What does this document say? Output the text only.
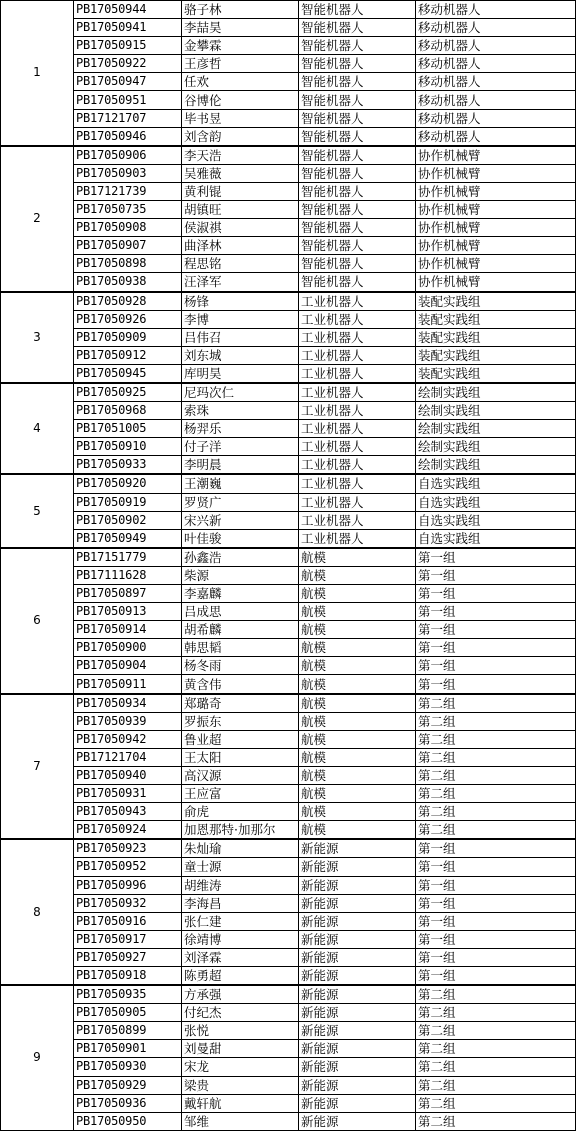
1	PB17050944	骆子林	智能机器人	移动机器人	
	PB17050941	李喆昊	智能机器人	移动机器人	
	PB17050915	金攀霖	智能机器人	移动机器人	
	PB17050922	王彦哲	智能机器人	移动机器人	
	PB17050947	任欢	智能机器人	移动机器人	
	PB17050951	谷博伦	智能机器人	移动机器人	
	PB17121707	毕书昱	智能机器人	移动机器人	
	PB17050946	刘含韵	智能机器人	移动机器人	
2	PB17050906	李天浩	智能机器人	协作机械臂	
	PB17050903	吴雅薇	智能机器人	协作机械臂	
	PB17121739	黄利锟	智能机器人	协作机械臂	
	PB17050735	胡镇旺	智能机器人	协作机械臂	
	PB17050908	侯淑祺	智能机器人	协作机械臂	
	PB17050907	曲泽林	智能机器人	协作机械臂	
	PB17050898	程思铭	智能机器人	协作机械臂	
	PB17050938	汪泽军	智能机器人	协作机械臂	
3	PB17050928	杨锋	工业机器人	装配实践组	
	PB17050926	李博	工业机器人	装配实践组	
	PB17050909	吕伟召	工业机器人	装配实践组	
	PB17050912	刘东城	工业机器人	装配实践组	
	PB17050945	库明昊	工业机器人	装配实践组	
4	PB17050925	尼玛次仁	工业机器人	绘制实践组	
	PB17050968	索珠	工业机器人	绘制实践组	
	PB17051005	杨羿乐	工业机器人	绘制实践组	
	PB17050910	付子洋	工业机器人	绘制实践组	
	PB17050933	李明晨	工业机器人	绘制实践组	
5	PB17050920	王潮巍	工业机器人	自选实践组	
	PB17050919	罗贤广	工业机器人	自选实践组	
	PB17050902	宋兴新	工业机器人	自选实践组	
	PB17050949	叶佳骏	工业机器人	自选实践组	
6	PB17151779	孙鑫浩	航模	第一组	
	PB17111628	柴源	航模	第一组	
	PB17050897	李嘉麟	航模	第一组	
	PB17050913	吕成思	航模	第一组	
	PB17050914	胡希麟	航模	第一组	
	PB17050900	韩思韬	航模	第一组	
	PB17050904	杨冬雨	航模	第一组	
	PB17050911	黄含伟	航模	第一组	
7	PB17050934	郑璐奇	航模	第二组	
	PB17050939	罗振东	航模	第二组	
	PB17050942	鲁业超	航模	第二组	
	PB17121704	王太阳	航模	第二组	
	PB17050940	高汉源	航模	第二组	
	PB17050931	王应富	航模	第二组	
	PB17050943	俞虎	航模	第二组	
	PB17050924	加恩那特·加那尔	航模	第二组	
8	PB17050923	朱灿瑜	新能源	第一组	
	PB17050952	童士源	新能源	第一组	
	PB17050996	胡维涛	新能源	第一组	
	PB17050932	李海昌	新能源	第一组	
	PB17050916	张仁建	新能源	第一组	
	PB17050917	徐靖博	新能源	第一组	
	PB17050927	刘泽霖	新能源	第一组	
	PB17050918	陈勇超	新能源	第一组	
9	PB17050935	方承强	新能源	第二组	
	PB17050905	付纪杰	新能源	第二组	
	PB17050899	张悦	新能源	第二组	
	PB17050901	刘曼甜	新能源	第二组	
	PB17050930	宋龙	新能源	第二组	
	PB17050929	梁贵	新能源	第二组	
	PB17050936	戴轩航	新能源	第二组	
	PB17050950	邹维	新能源	第二组	
